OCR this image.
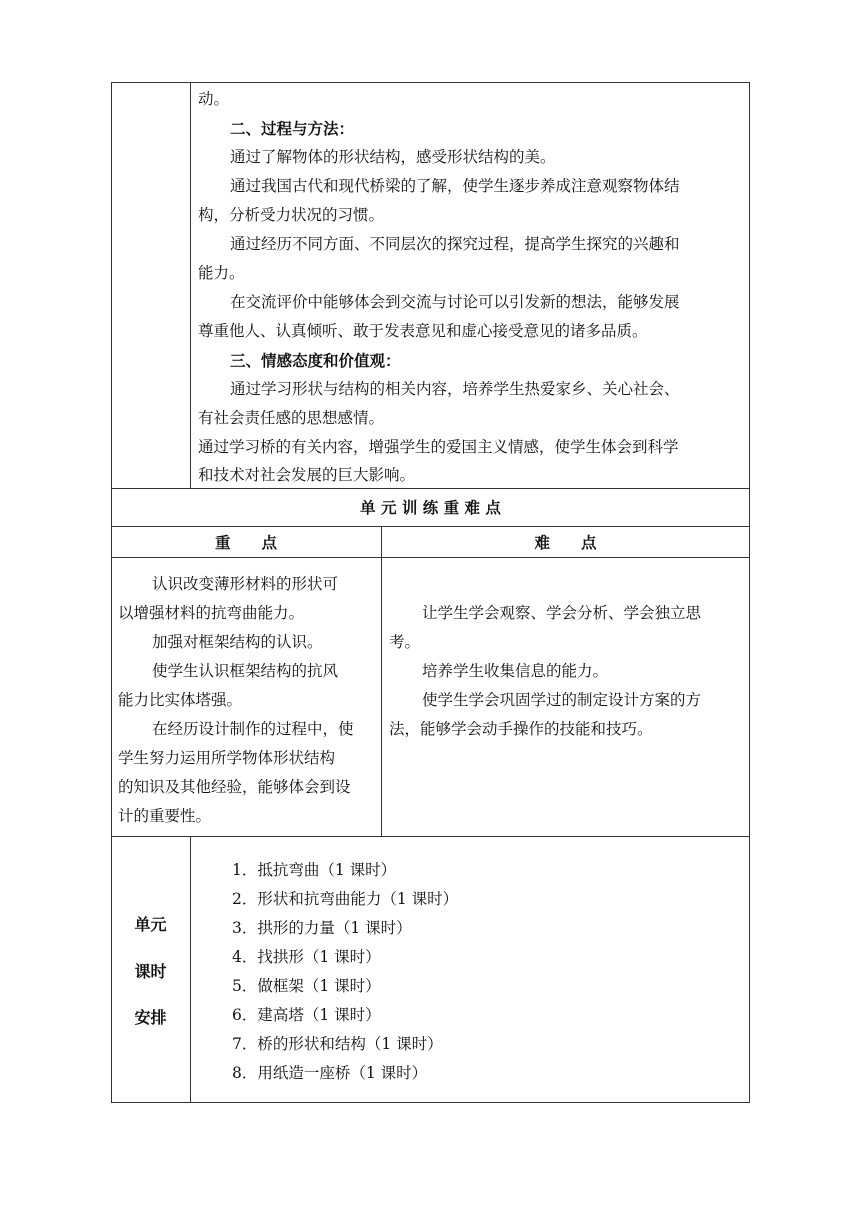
动。
二、过程与方法：
通过了解物体的形状结构，感受形状结构的美。
通过我国古代和现代桥梁的了解，使学生逐步养成注意观察物体结
构，分析受力状况的习惯。
通过经历不同方面、不同层次的探究过程，提高学生探究的兴趣和
能力。
在交流评价中能够体会到交流与讨论可以引发新的想法，能够发展
尊重他人、认真倾听、敢于发表意见和虚心接受意见的诸多品质。
三、情感态度和价值观：
通过学习形状与结构的相关内容，培养学生热爱家乡、关心社会、
有社会责任感的思想感情。
通过学习桥的有关内容，增强学生的爱国主义情感，使学生体会到科学
和技术对社会发展的巨大影响。
单 元 训 练 重 难 点
重　　点	难　　点
认识改变薄形材料的形状可
以增强材料的抗弯曲能力。
加强对框架结构的认识。
使学生认识框架结构的抗风
能力比实体塔强。
在经历设计制作的过程中，使
学生努力运用所学物体形状结构
的知识及其他经验，能够体会到设
计的重要性。
让学生学会观察、学会分析、学会独立思
考。
培养学生收集信息的能力。
使学生学会巩固学过的制定设计方案的方
法，能够学会动手操作的技能和技巧。
单元
课时
安排
1．抵抗弯曲（1 课时）
2．形状和抗弯曲能力（1 课时）
3．拱形的力量（1 课时）
4．找拱形（1 课时）
5．做框架（1 课时）
6．建高塔（1 课时）
7．桥的形状和结构（1 课时）
8．用纸造一座桥（1 课时）
